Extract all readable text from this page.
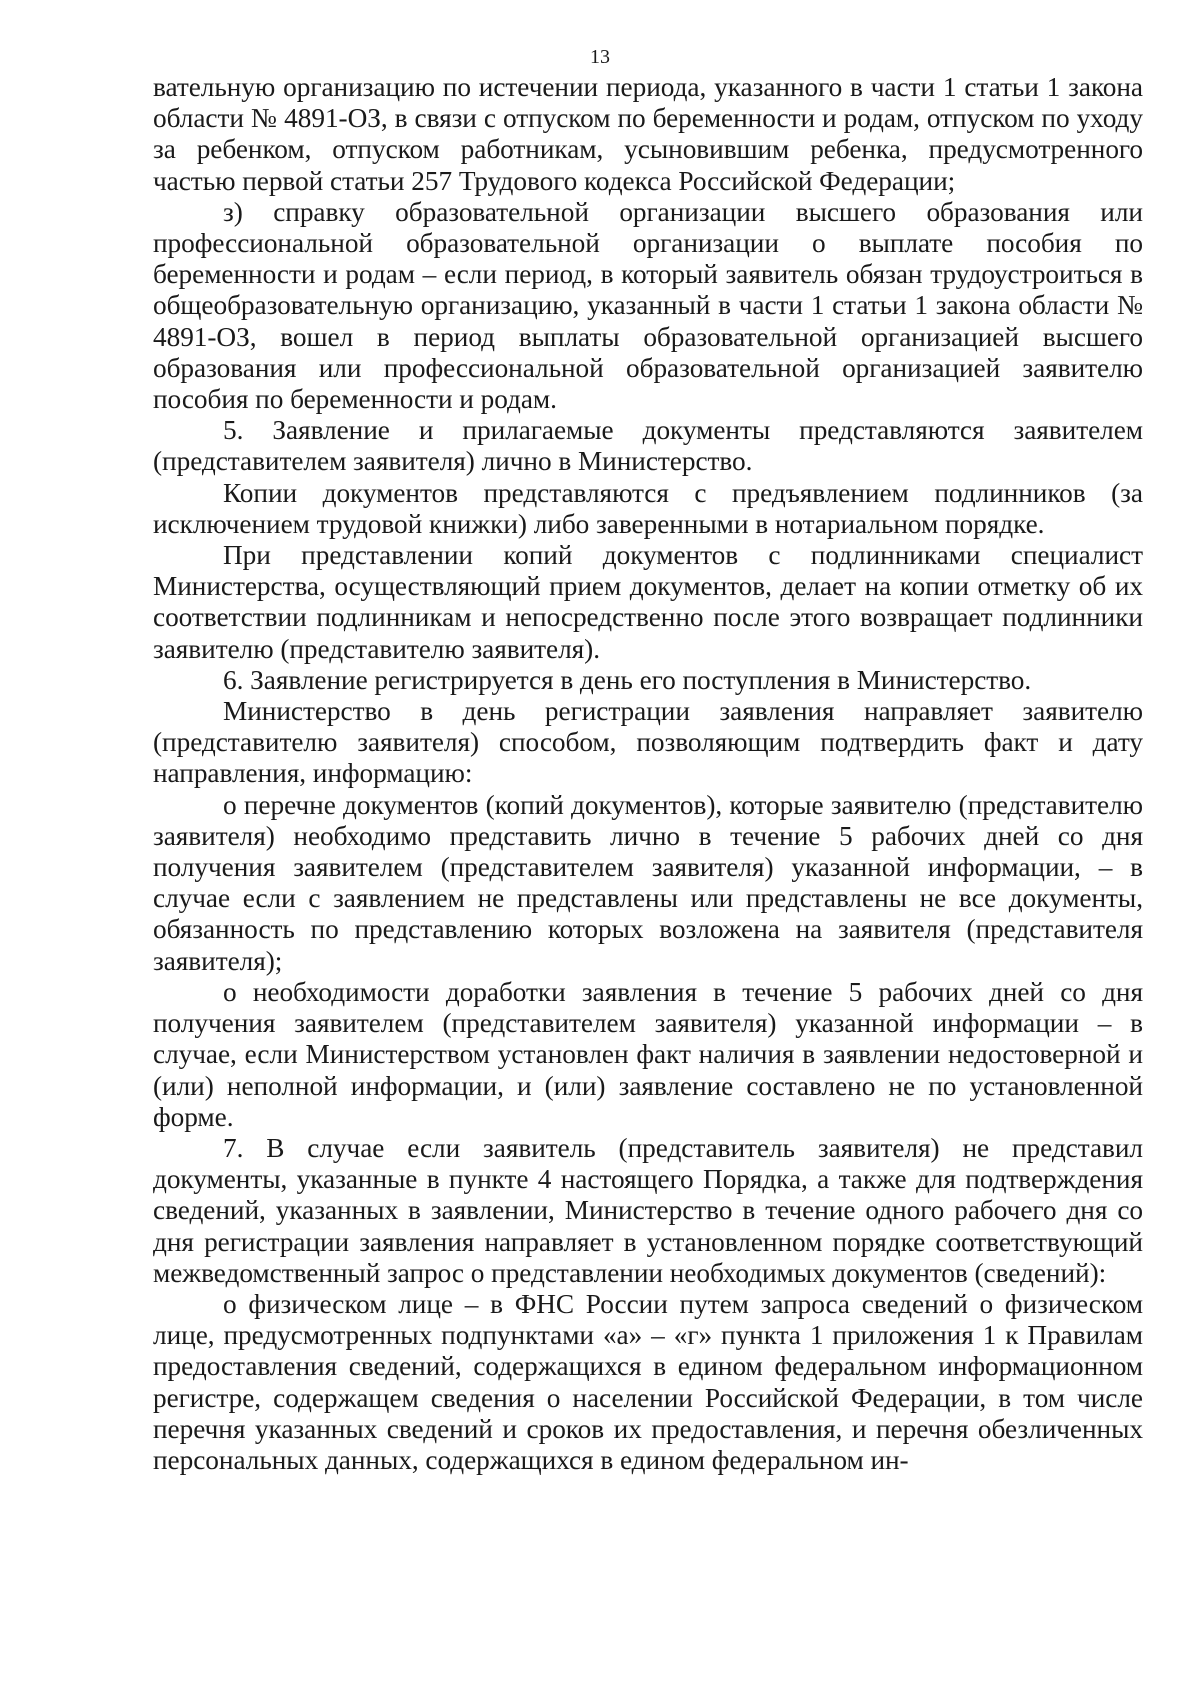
13

вательную организацию по истечении периода, указанного в части 1 статьи 1 закона области № 4891-ОЗ, в связи с отпуском по беременности и родам, отпуском по уходу за ребенком, отпуском работникам, усыновившим ребенка, предусмотренного частью первой статьи 257 Трудового кодекса Российской Федерации;

з) справку образовательной организации высшего образования или профессиональной образовательной организации о выплате пособия по беременности и родам – если период, в который заявитель обязан трудоустроиться в общеобразовательную организацию, указанный в части 1 статьи 1 закона области № 4891-ОЗ, вошел в период выплаты образовательной организацией высшего образования или профессиональной образовательной организацией заявителю пособия по беременности и родам.

5. Заявление и прилагаемые документы представляются заявителем (представителем заявителя) лично в Министерство.

Копии документов представляются с предъявлением подлинников (за исключением трудовой книжки) либо заверенными в нотариальном порядке.

При представлении копий документов с подлинниками специалист Министерства, осуществляющий прием документов, делает на копии отметку об их соответствии подлинникам и непосредственно после этого возвращает подлинники заявителю (представителю заявителя).

6. Заявление регистрируется в день его поступления в Министерство.

Министерство в день регистрации заявления направляет заявителю (представителю заявителя) способом, позволяющим подтвердить факт и дату направления, информацию:

о перечне документов (копий документов), которые заявителю (представителю заявителя) необходимо представить лично в течение 5 рабочих дней со дня получения заявителем (представителем заявителя) указанной информации, – в случае если с заявлением не представлены или представлены не все документы, обязанность по представлению которых возложена на заявителя (представителя заявителя);

о необходимости доработки заявления в течение 5 рабочих дней со дня получения заявителем (представителем заявителя) указанной информации – в случае, если Министерством установлен факт наличия в заявлении недостоверной и (или) неполной информации, и (или) заявление составлено не по установленной форме.

7. В случае если заявитель (представитель заявителя) не представил документы, указанные в пункте 4 настоящего Порядка, а также для подтверждения сведений, указанных в заявлении, Министерство в течение одного рабочего дня со дня регистрации заявления направляет в установленном порядке соответствующий межведомственный запрос о представлении необходимых документов (сведений):

о физическом лице – в ФНС России путем запроса сведений о физическом лице, предусмотренных подпунктами «а» – «г» пункта 1 приложения 1 к Правилам предоставления сведений, содержащихся в едином федеральном информационном регистре, содержащем сведения о населении Российской Федерации, в том числе перечня указанных сведений и сроков их предоставления, и перечня обезличенных персональных данных, содержащихся в едином федеральном ин-
